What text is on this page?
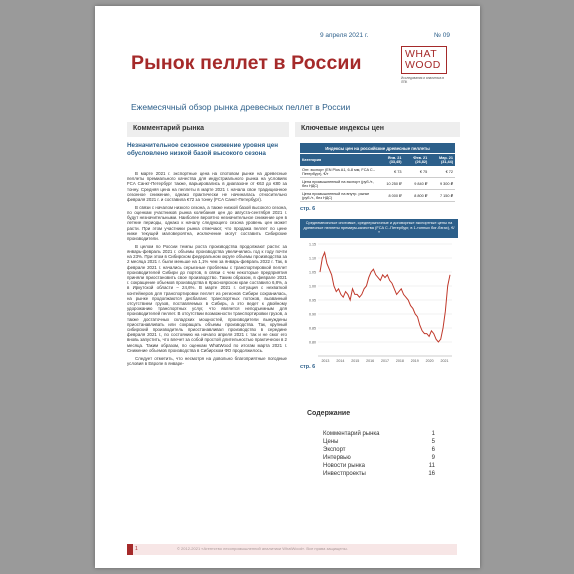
9 апреля 2021 г.	№ 09
Рынок пеллет в России	WHAT
WOOD
Исследования и аналитика в ЛПК
Ежемесячный обзор рынка древесных пеллет в России
Комментарий рынка	Ключевые индексы цен
Незначительное сезонное снижение уровня цен обусловлено низкой базой высокого сезона

В марте 2021 г. экспортные цена на спотовом рынке на древесные пеллеты премиального качества для индустриального рынка на условиях FCA Санкт-Петербург также, варьировались в диапазоне от €63 до €80 за тонну. Средняя цена на пеллеты в марте 2021 г. начала свое традиционное сезонное снижение, однако практически не начиналась относительно февраля 2021 г. и составила €72 за тонну (FCA Санкт-Петербург).

В связи с началом низкого сезона, а также низкой базой высокого сезона, по оценкам участников рынка колебания цен до августа-сентября 2021 г. будут незначительными. Наиболее вероятно незначительное снижение цен в летние периоды, однако к началу следующего сезона уровень цен может расти. При этом участники рынка отмечают, что продажа пеллет по цене ниже текущей маловероятна, исключение могут составить Сибирские производители.

В целом по России темпы роста производства продолжают расти: за январь-февраль 2021 г. объемы производства увеличились год к году почти на 23%. При этом в Сибирском федеральном округе объемы производства за 2 месяца 2021 г. были меньше на 1,1% чем за январь-февраль 2022 г. Так, в феврале 2021 г. начались серьезные проблемы с транспортировкой пеллет производителей Сибири до портов, в связи с чем некоторые предприятия приняли приостановить свое производство. Таким образом, в феврале 2021 г. сокращение объемов производства в Красноярском крае составило 6,8%, а в Иркутской области – 24,6%. В марте 2021 г. ситуация с нехваткой контейнеров для транспортировки пеллет из регионов Сибири сохранилась, на рынке продолжаются дисбаланс транспортных потоков, вызванный отсутствием грузов, поставляемых в Сибирь, а это ведет к двойному удорожанию транспортных услуг, что является неподъемным для производителей пеллет. В отсутствии возможности транспортировки грузов, а также достаточных складских мощностей, производители вынуждены приостанавливать или сокращать объемы производства. Так, крупный сибирский производитель приостанавливал производство в середине февраля 2021 г., по состоянию на начало апреля 2021 г. так и не смог его вновь запустить, что влечет за собой простой длительностью практически в 2 месяца. Таким образом, по оценкам WhatWood по итогам марта 2021 г. Снижение объемов производства в Сибирском ФО продолжилось.

Следует отметить, что несмотря на довольно благоприятные погодные условия в Европе в январе-

Индексы цен на российские древесные пеллеты
Категория	Янв. 21 (33,45)	Фев. 21 (26,82)	Мар. 21 (31,44)
Опт. экспорт (EN Plus A1, 6-8 мм, FCA С.-Петербург), €/т	€ 73	€ 75	€ 72
Цена промышленный на экспорт (руб./т., без НДС)	10 250 ₽	9 840 ₽	9 300 ₽
Цена промышленный на внутр. рынке (руб./т., без НДС)	8 000 ₽	8 800 ₽	7 150 ₽
стр. 6
Среднемесячные спотовые, среднерыночные и договорные экспортные цены на древесные пеллеты премиум-качества (FCA С.-Петербург, в 1-тонных биг-бэгах), €/т
0.80
0.85
0.90
0.95
1.00
1.05
1.10
1.15
2013 2014 2015 2016 2017 2018 2019 2020 2021
стр. 6
Содержание
Комментарий рынка	1
Цены	5
Экспорт	6
Интервью	9
Новости рынка	11
Инвестпроекты	16
1	© 2012-2021 «Агентство лесопромышленной аналитики WhatWood». Все права защищены.
